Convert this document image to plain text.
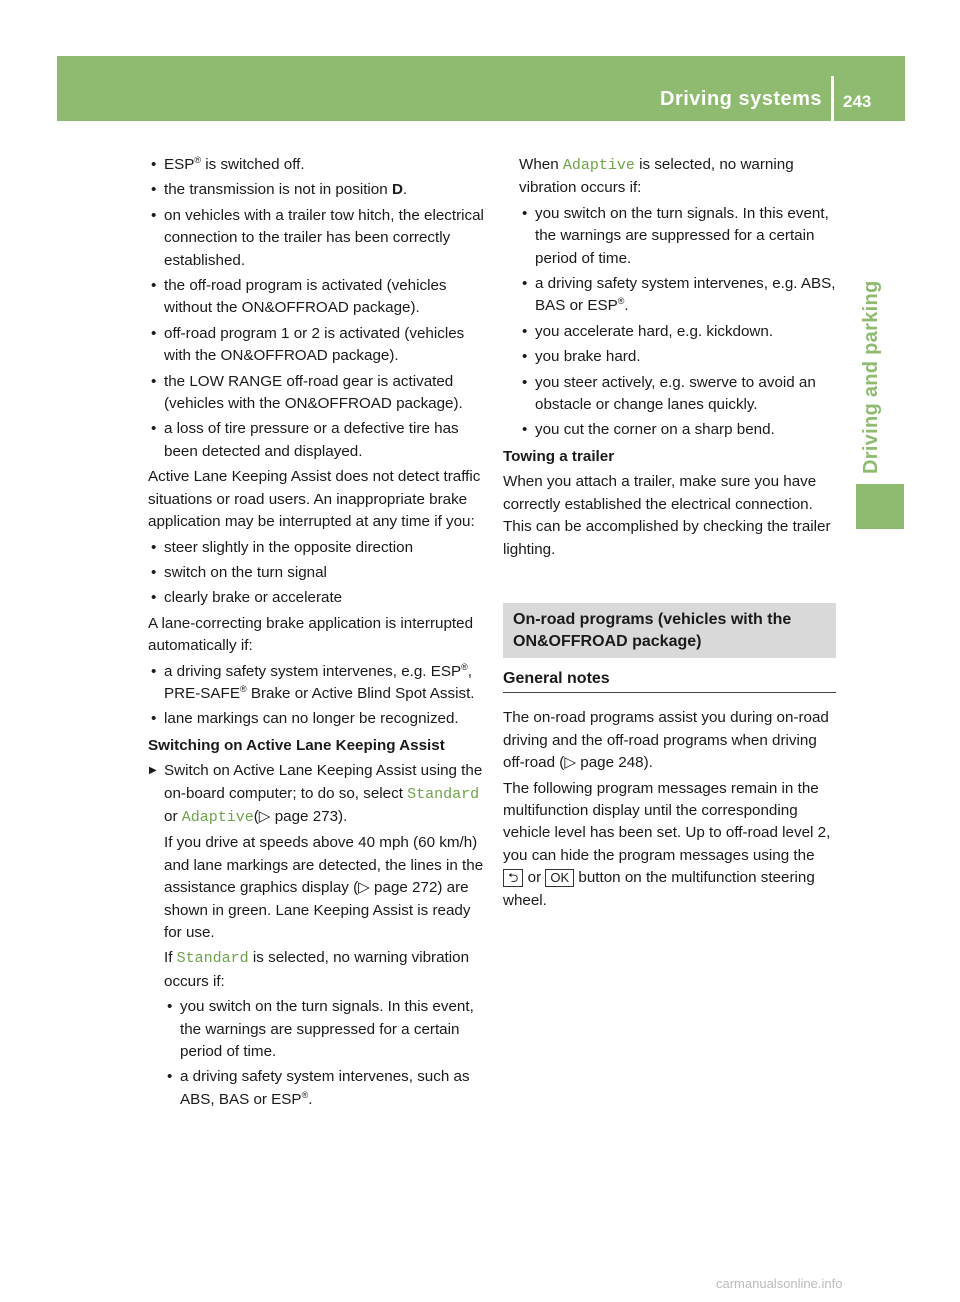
Driving systems 243
Driving and parking
• ESP® is switched off.
• the transmission is not in position D.
• on vehicles with a trailer tow hitch, the electrical connection to the trailer has been correctly established.
• the off-road program is activated (vehicles without the ON&OFFROAD package).
• off-road program 1 or 2 is activated (vehicles with the ON&OFFROAD package).
• the LOW RANGE off-road gear is activated (vehicles with the ON&OFFROAD package).
• a loss of tire pressure or a defective tire has been detected and displayed.

Active Lane Keeping Assist does not detect traffic situations or road users. An inappropriate brake application may be interrupted at any time if you:

• steer slightly in the opposite direction
• switch on the turn signal
• clearly brake or accelerate

A lane-correcting brake application is interrupted automatically if:

• a driving safety system intervenes, e.g. ESP®, PRE-SAFE® Brake or Active Blind Spot Assist.
• lane markings can no longer be recognized.
Switching on Active Lane Keeping Assist
▶ Switch on Active Lane Keeping Assist using the on-board computer; to do so, select Standard or Adaptive(▷ page 273).

If you drive at speeds above 40 mph (60 km/h) and lane markings are detected, the lines in the assistance graphics display (▷ page 272) are shown in green. Lane Keeping Assist is ready for use.

If Standard is selected, no warning vibration occurs if:

• you switch on the turn signals. In this event, the warnings are suppressed for a certain period of time.
• a driving safety system intervenes, such as ABS, BAS or ESP®.

When Adaptive is selected, no warning vibration occurs if:

• you switch on the turn signals. In this event, the warnings are suppressed for a certain period of time.
• a driving safety system intervenes, e.g. ABS, BAS or ESP®.
• you accelerate hard, e.g. kickdown.
• you brake hard.
• you steer actively, e.g. swerve to avoid an obstacle or change lanes quickly.
• you cut the corner on a sharp bend.
Towing a trailer

When you attach a trailer, make sure you have correctly established the electrical connection. This can be accomplished by checking the trailer lighting.

On-road programs (vehicles with the ON&OFFROAD package)
General notes

The on-road programs assist you during on-road driving and the off-road programs when driving off-road (▷ page 248).

The following program messages remain in the multifunction display until the corresponding vehicle level has been set. Up to off-road level 2, you can hide the program messages using the ⮌ or OK button on the multifunction steering wheel.

carmanualsonline.info
